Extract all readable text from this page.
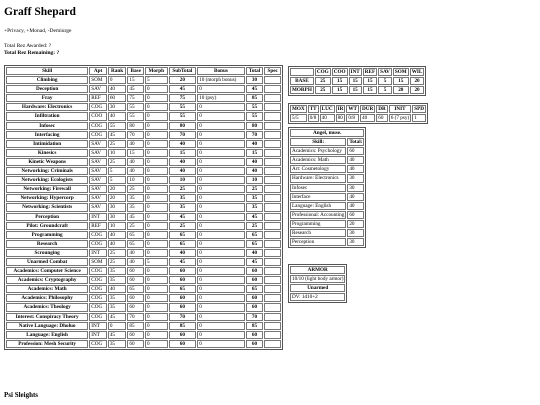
Graff Shepard
+Privacy, +Monad, -Demiurge
Total Rez Awarded: ?
Total Rez Remaining: ?
Skill	Apt	Rank	Base	Morph	SubTotal	Bonus	Total	Spec
Climbing	SOM	0	15	5	20	10 (morph bonus)	30	
Deception	SAV	40	45	0	45	0	45	
Fray	REF	60	75	0	75	10 (psy)	85	
Hardware: Electronics	COG	30	55	0	55	0	55	
Infiltration	COO	40	55	0	55	0	55	
Infosec	COG	55	80	0	80	0	80	
Interfacing	COG	45	70	0	70	0	70	
Intimidation	SAV	25	40	0	40	0	40	
Kinesics	SAV	10	15	0	15	0	15	
Kinetic Weapons	SAV	25	40	0	40	0	40	
Networking: Criminals	SAV	5	40	0	40	0	40	
Networking: Ecologists	SAV	5	10	0	10	0	10	
Networking: Firewall	SAV	20	25	0	25	0	25	
Networking: Hypercorp	SAV	20	35	0	35	0	35	
Networking: Scientists	SAV	30	35	0	35	0	35	
Perception	INT	30	45	0	45	0	45	
Pilot: Groundcraft	REF	10	25	0	25	0	25	
Programming	COG	40	65	0	65	0	65	
Research	COG	40	65	0	65	0	65	
Scrounging	INT	25	40	0	40	0	40	
Unarmed Combat	SOM	25	40	5	45	0	45	
Academics: Computer Science	COG	35	60	0	60	0	60	
Academics: Cryptography	COG	35	60	0	60	0	60	
Academics: Math	COG	40	65	0	65	0	65	
Academics: Philosophy	COG	35	60	0	60	0	60	
Academics: Theology	COG	35	60	0	60	0	60	
Interest: Conspiracy Theory	COG	45	70	0	70	0	70	
Native Language: Dholuo	INT	0	85	0	85	0	85	
Language: English	INT	45	60	0	60	0	60	
Profession: Mesh Security	COG	35	60	0	60	0	60	
	COG	COO	INT	REF	SAV	SOM	WIL
BASE	25	15	15	15	5	15	20
MORPH	25	15	15	15	5	20	20
MOX	TT	LUC	IR	WT	DUR	DR	INIT	SPD
5/5	0/8	40	80	0/8	40	60	6 (7 psy)	1
Angel, muse.	
Skill:	Total:
Academics: Psychology	60
Academics: Math	40
Art: Cosmetology	40
Hardware: Electronics	30
Infosec	30
Interface	40
Language: English	40
Professional: Accounting	60
Programming	20
Research	30
Perception	30
ARMOR
10/10 (light body armor)
Unarmed
DV: 1d10+2
Psi Sleights
